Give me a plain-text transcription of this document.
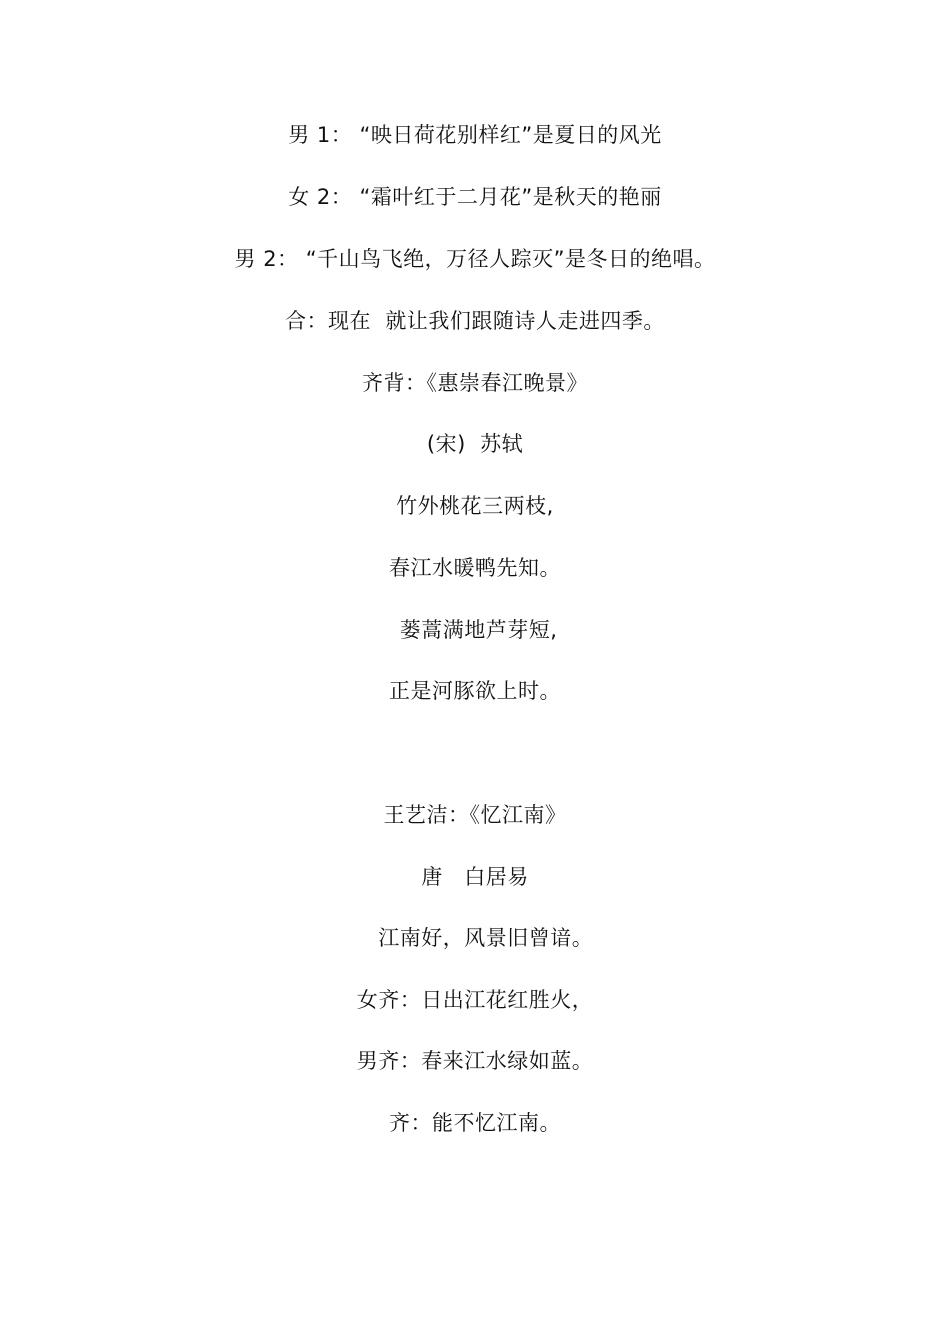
男 1： “映日荷花别样红”是夏日的风光
女 2： “霜叶红于二月花”是秋天的艳丽
男 2： “千山鸟飞绝，万径人踪灭”是冬日的绝唱。
合：现在  就让我们跟随诗人走进四季。
齐背：《惠崇春江晚景》
(宋)  苏轼
竹外桃花三两枝,
春江水暖鸭先知。
蒌蒿满地芦芽短,
正是河豚欲上时。
王艺洁：《忆江南》
唐   白居易
江南好，风景旧曾谙。
女齐：日出江花红胜火，
男齐：春来江水绿如蓝。
齐：能不忆江南。
